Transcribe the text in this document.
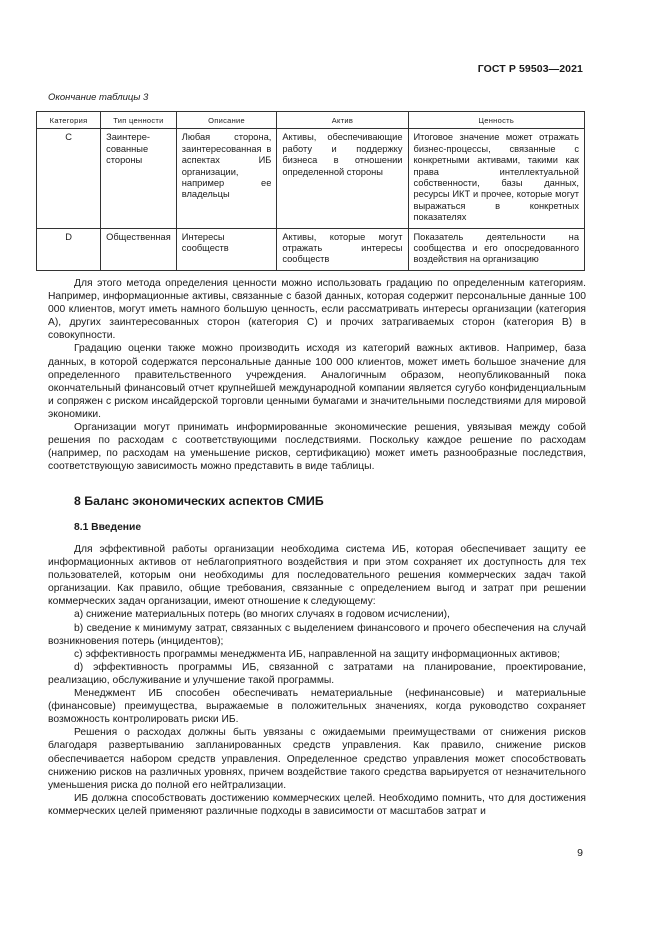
ГОСТ Р 59503—2021
Окончание таблицы 3
Категория	Тип ценности	Описание	Актив	Ценность
C	Заинтере-сованные стороны	Любая сторона, заинтересованная в аспектах ИБ организации, например ее владельцы	Активы, обеспечивающие работу и поддержку бизнеса в отношении определенной стороны	Итоговое значение может отражать бизнес-процессы, связанные с конкретными активами, такими как права интеллектуальной собственности, базы данных, ресурсы ИКТ и прочее, которые могут выражаться в конкретных показателях
D	Общественная	Интересы сообществ	Активы, которые могут отражать интересы сообществ	Показатель деятельности на сообщества и его опосредованного воздействия на организацию

Для этого метода определения ценности можно использовать градацию по определенным категориям. Например, информационные активы, связанные с базой данных, которая содержит персональные данные 100 000 клиентов, могут иметь намного большую ценность, если рассматривать интересы организации (категория А), других заинтересованных сторон (категория С) и прочих затрагиваемых сторон (категория В) в совокупности.

Градацию оценки также можно производить исходя из категорий важных активов. Например, база данных, в которой содержатся персональные данные 100 000 клиентов, может иметь большое значение для определенного правительственного учреждения. Аналогичным образом, неопубликованный пока окончательный финансовый отчет крупнейшей международной компании является сугубо конфиденциальным и сопряжен с риском инсайдерской торговли ценными бумагами и значительными последствиями для мировой экономики.

Организации могут принимать информированные экономические решения, увязывая между собой решения по расходам с соответствующими последствиями. Поскольку каждое решение по расходам (например, по расходам на уменьшение рисков, сертификацию) может иметь разнообразные последствия, соответствующую зависимость можно представить в виде таблицы.

8 Баланс экономических аспектов СМИБ
8.1 Введение

Для эффективной работы организации необходима система ИБ, которая обеспечивает защиту ее информационных активов от неблагоприятного воздействия и при этом сохраняет их доступность для тех пользователей, которым они необходимы для последовательного решения коммерческих задач такой организации. Как правило, общие требования, связанные с определением выгод и затрат при решении коммерческих задач организации, имеют отношение к следующему:

а) снижение материальных потерь (во многих случаях в годовом исчислении),

b) сведение к минимуму затрат, связанных с выделением финансового и прочего обеспечения на случай возникновения потерь (инцидентов);

c) эффективность программы менеджмента ИБ, направленной на защиту информационных активов;

d) эффективность программы ИБ, связанной с затратами на планирование, проектирование, реализацию, обслуживание и улучшение такой программы.

Менеджмент ИБ способен обеспечивать нематериальные (нефинансовые) и материальные (финансовые) преимущества, выражаемые в положительных значениях, когда руководство сохраняет возможность контролировать риски ИБ.

Решения о расходах должны быть увязаны с ожидаемыми преимуществами от снижения рисков благодаря развертыванию запланированных средств управления. Как правило, снижение рисков обеспечивается набором средств управления. Определенное средство управления может способствовать снижению рисков на различных уровнях, причем воздействие такого средства варьируется от незначительного уменьшения риска до полной его нейтрализации.

ИБ должна способствовать достижению коммерческих целей. Необходимо помнить, что для достижения коммерческих целей применяют различные подходы в зависимости от масштабов затрат и

9
